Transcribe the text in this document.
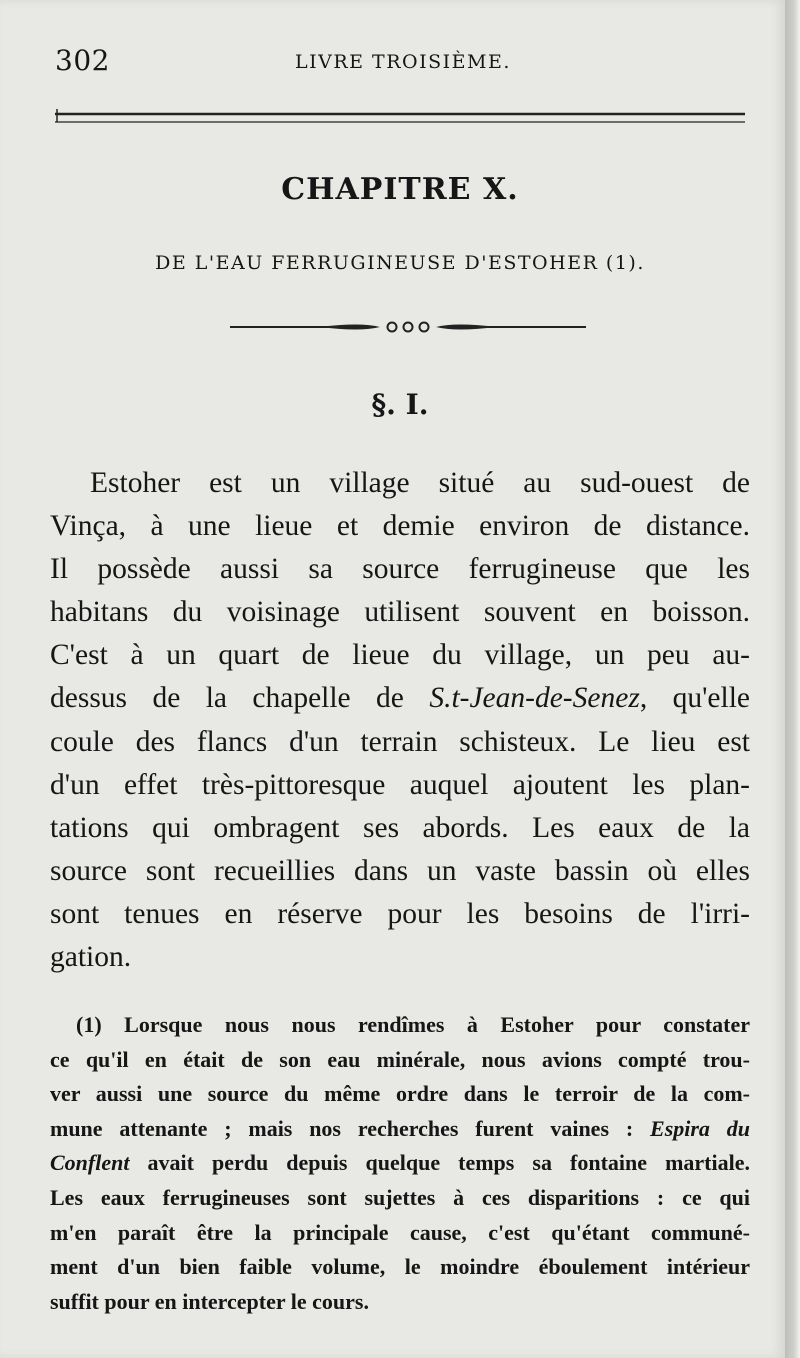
302	LIVRE TROISIÈME.
CHAPITRE X.
DE L'EAU FERRUGINEUSE D'ESTOHER (1).
§. I.
Estoher est un village situé au sud-ouest de
Vinça, à une lieue et demie environ de distance.
Il possède aussi sa source ferrugineuse que les
habitans du voisinage utilisent souvent en boisson.
C'est à un quart de lieue du village, un peu au-
dessus de la chapelle de S.t-Jean-de-Senez, qu'elle
coule des flancs d'un terrain schisteux. Le lieu est
d'un effet très-pittoresque auquel ajoutent les plan-
tations qui ombragent ses abords. Les eaux de la
source sont recueillies dans un vaste bassin où elles
sont tenues en réserve pour les besoins de l'irri-
gation.
(1) Lorsque nous nous rendîmes à Estoher pour constater
ce qu'il en était de son eau minérale, nous avions compté trou-
ver aussi une source du même ordre dans le terroir de la com-
mune attenante ; mais nos recherches furent vaines : Espira du
Conflent avait perdu depuis quelque temps sa fontaine martiale.
Les eaux ferrugineuses sont sujettes à ces disparitions : ce qui
m'en paraît être la principale cause, c'est qu'étant communé-
ment d'un bien faible volume, le moindre éboulement intérieur
suffit pour en intercepter le cours.
